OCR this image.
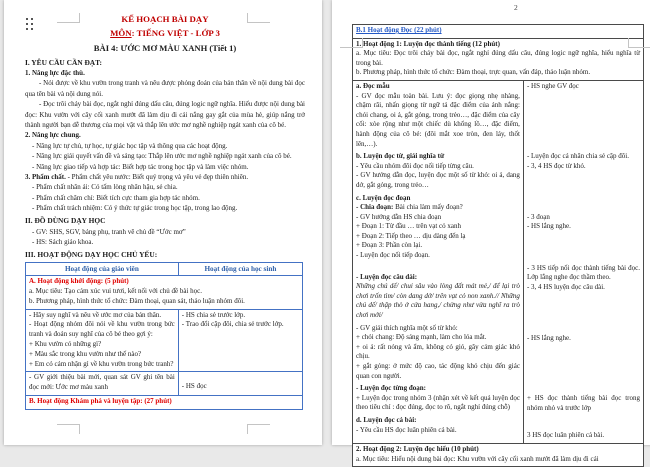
KẾ HOẠCH BÀI DẠY

MÔN: TIẾNG VIỆT - LỚP 3

BÀI 4: ƯỚC MƠ MÀU XANH (Tiết 1)

I. YÊU CẦU CẦN ĐẠT:

1. Năng lực đặc thù.

- Nói được về khu vườn trong tranh và nêu được phỏng đoán của bản thân về nội dung bài đọc qua tên bài và nội dung nói.

- Đọc trôi chảy bài đọc, ngắt nghỉ đúng dấu câu, đúng logic ngữ nghĩa. Hiểu được nội dung bài đọc: Khu vườn với cây cối xanh mướt đã làm dịu đi cái nắng gay gắt của mùa hè, giúp nắng trở thành người bạn dễ thương của mọi vật và thắp lên ước mơ nghề nghiệp ngát xanh của cô bé.

2. Năng lực chung.

- Năng lực tự chủ, tự học, tự giác học tập và thông qua các hoạt động.

- Năng lực giải quyết vấn đề và sáng tạo: Thắp lên ước mơ nghề nghiệp ngát xanh của cô bé.

- Năng lực giao tiếp và hợp tác: Biết hợp tác trong học tập và làm việc nhóm.

3. Phẩm chất. - Phẩm chất yêu nước: Biết quý trọng và yêu vẻ đẹp thiên nhiên.

- Phẩm chất nhân ái: Có tấm lòng nhân hậu, sẻ chia.

- Phẩm chất chăm chỉ: Biết tích cực tham gia hợp tác nhóm.

- Phẩm chất trách nhiệm: Có ý thức tự giác trong học tập, trong lao động.

II. ĐỒ DÙNG DẠY HỌC

- GV: SHS, SGV, bảng phụ, tranh vẽ chủ đề “Ước mơ”

- HS: Sách giáo khoa.

III. HOẠT ĐỘNG DẠY HỌC CHỦ YẾU:

Hoạt động của giáo viên	Hoạt động của học sinh

A. Hoạt động khởi động: (5 phút)

a. Mục tiêu: Tạo cảm xúc vui tươi, kết nối với chủ đề bài học.

b. Phương pháp, hình thức tổ chức: Đàm thoại, quan sát, thảo luận nhóm đôi.

- Hãy suy nghĩ và nêu về ước mơ của bản thân.

- Hoạt động nhóm đôi nói về khu vườn trong bức tranh và đoán suy nghĩ của cô bé theo gợi ý:

+ Khu vườn có những gì?

+ Màu sắc trong khu vườn như thế nào?

+ Em có cảm nhận gì về khu vườn trong bức tranh?

- HS chia sẻ trước lớp.

- Trao đổi cặp đôi, chia sẻ trước lớp.

- GV giới thiệu bài mới, quan sát GV ghi tên bài đọc mới: Ước mơ màu xanh	- HS đọc

B. Hoạt động Khám phá và luyện tập: (27 phút)

2

B.1 Hoạt động Đọc (22 phút)

1. Hoạt động 1: Luyện đọc thành tiếng (12 phút)

a. Mục tiêu: Đọc trôi chảy bài đọc, ngắt nghỉ đúng dấu câu, đúng logic ngữ nghĩa, hiểu nghĩa từ trong bài.

b. Phương pháp, hình thức tổ chức: Đàm thoại, trực quan, vấn đáp, thảo luận nhóm.

a. Đọc mẫu

- GV đọc mẫu toàn bài. Lưu ý: đọc giọng nhẹ nhàng, chậm rãi, nhấn giọng từ ngữ tả đặc điểm của ánh nắng: chói chang, oi ả, gắt gỏng, trong trẻo…, đặc điểm của cây cối: xòe rộng như một chiếc dù khổng lồ…, đặc điểm, hành động của cô bé: (đôi mắt xoe tròn, đen láy, thốt lên,…).

- HS nghe GV đọc

b. Luyện đọc từ, giải nghĩa từ

- Yêu cầu nhóm đôi đọc nối tiếp từng câu.

- GV hướng dẫn đọc, luyện đọc một số từ khó: oi ả, dang dở, gắt gỏng, trong trẻo…

- Luyện đọc cá nhân chia sẻ cặp đôi.

- 3, 4 HS đọc từ khó.

c. Luyện đọc đoạn

- Chia đoạn: Bài chia làm mấy đoạn?

- GV hướng dẫn HS chia đoạn

+ Đoạn 1: Từ đầu … trên vạt cỏ xanh

+ Đoạn 2: Tiếp theo … dịu dàng đến lạ

+ Đoạn 3: Phần còn lại.

- Luyện đọc nối tiếp đoạn.

- 3 đoạn

- HS lắng nghe.

- Luyện đọc câu dài:

Những chú dế/ chui sâu vào lòng đất mát mẻ,/ để lại trò chơi trốn tìm/ còn dang dở/ trên vạt cỏ non xanh.// Những chú dế/ thập thò ở cửa hang,/ chừng như vừa nghĩ ra trò chơi mới/

- 3 HS tiếp nối đọc thành tiếng bài đọc. Lớp lắng nghe đọc thầm theo.

- 3, 4 HS luyện đọc câu dài.

- GV giải thích nghĩa một số từ khó:

+ chói chang: Độ sáng mạnh, làm cho lóa mắt.

+ oi ả: rất nóng và ẩm, không có gió, gây cảm giác khó chịu.

+ gắt gỏng: ở mức độ cao, tác động khó chịu đến giác quan con người.

- HS lắng nghe.

- Luyện đọc từng đoạn:

+ Luyện đọc trong nhóm 3 (nhận xét về kết quả luyện đọc theo tiêu chí : đọc đúng, đọc to rõ, ngắt nghỉ đúng chỗ)

+ HS đọc thành tiếng bài đọc trong nhóm nhỏ và trước lớp

d. Luyện đọc cả bài:

- Yêu cầu HS đọc luân phiên cả bài.

3 HS đọc luân phiên cả bài.

2. Hoạt động 2: Luyện đọc hiểu (10 phút)

a. Mục tiêu: Hiểu nội dung bài đọc: Khu vườn với cây cối xanh mướt đã làm dịu đi cái
